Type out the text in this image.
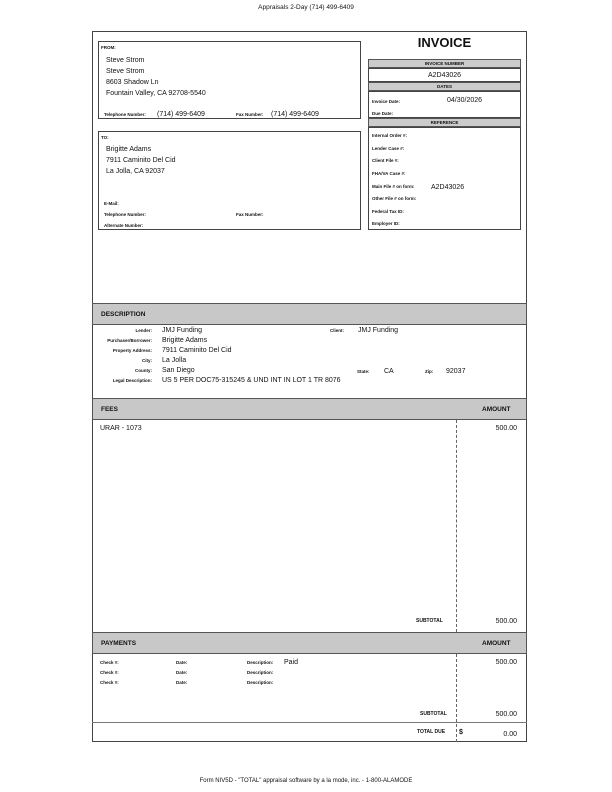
Appraisals 2-Day (714) 499-6409
Form NIV5D - "TOTAL" appraisal software by a la mode, inc. - 1-800-ALAMODE
INVOICE
FROM:
Steve Strom
Steve Strom
8603 Shadow Ln
Fountain Valley, CA 92708-5540
Telephone Number: (714) 499-6409	Fax Number: (714) 499-6409
TO:
Brigitte Adams
7911 Caminito Del Cid
La Jolla, CA 92037
E-Mail:
Telephone Number:	Fax Number:
Alternate Number:
INVOICE NUMBER
A2D43026
DATES
Invoice Date:	04/30/2026
Due Date:
REFERENCE
Internal Order #:
Lender Case #:
Client File #:
FHA/VA Case #:
Main File # on form: A2D43026
Other File # on form:
Federal Tax ID:
Employer ID:
DESCRIPTION
Lender: JMJ Funding	Client: JMJ Funding
Purchaser/Borrower: Brigitte Adams
Property Address: 7911 Caminito Del Cid
City: La Jolla
County: San Diego	State: CA	Zip: 92037
Legal Description: US 5 PER DOC75-315245 & UND INT IN LOT 1 TR 8076
FEES	AMOUNT
URAR - 1073	500.00
SUBTOTAL	500.00
PAYMENTS	AMOUNT
Check #:	Date:	Description: Paid	500.00
Check #:	Date:	Description:
Check #:	Date:	Description:
SUBTOTAL	500.00
TOTAL DUE $	0.00
